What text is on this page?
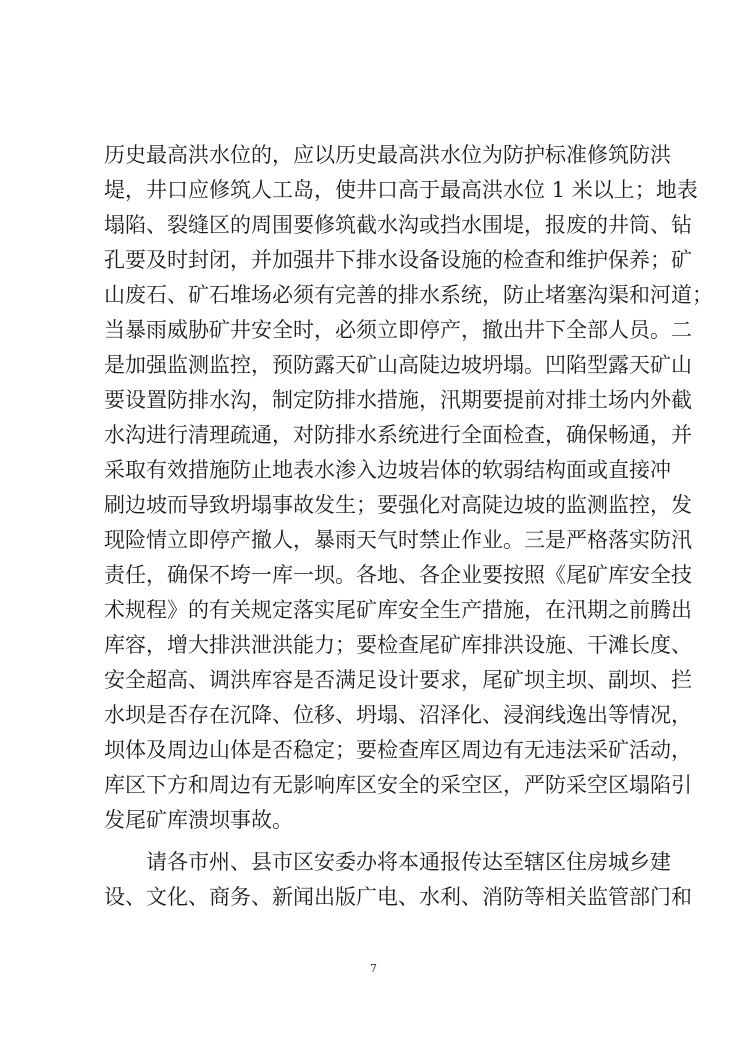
历史最高洪水位的，应以历史最高洪水位为防护标准修筑防洪
堤，井口应修筑人工岛，使井口高于最高洪水位 1 米以上；地表
塌陷、裂缝区的周围要修筑截水沟或挡水围堤，报废的井筒、钻
孔要及时封闭，并加强井下排水设备设施的检查和维护保养；矿
山废石、矿石堆场必须有完善的排水系统，防止堵塞沟渠和河道；
当暴雨威胁矿井安全时，必须立即停产，撤出井下全部人员。二
是加强监测监控，预防露天矿山高陡边坡坍塌。凹陷型露天矿山
要设置防排水沟，制定防排水措施，汛期要提前对排土场内外截
水沟进行清理疏通，对防排水系统进行全面检查，确保畅通，并
采取有效措施防止地表水渗入边坡岩体的软弱结构面或直接冲
刷边坡而导致坍塌事故发生；要强化对高陡边坡的监测监控，发
现险情立即停产撤人，暴雨天气时禁止作业。三是严格落实防汛
责任，确保不垮一库一坝。各地、各企业要按照《尾矿库安全技
术规程》的有关规定落实尾矿库安全生产措施，在汛期之前腾出
库容，增大排洪泄洪能力；要检查尾矿库排洪设施、干滩长度、
安全超高、调洪库容是否满足设计要求，尾矿坝主坝、副坝、拦
水坝是否存在沉降、位移、坍塌、沼泽化、浸润线逸出等情况，
坝体及周边山体是否稳定；要检查库区周边有无违法采矿活动，
库区下方和周边有无影响库区安全的采空区，严防采空区塌陷引
发尾矿库溃坝事故。
请各市州、县市区安委办将本通报传达至辖区住房城乡建
设、文化、商务、新闻出版广电、水利、消防等相关监管部门和
7
